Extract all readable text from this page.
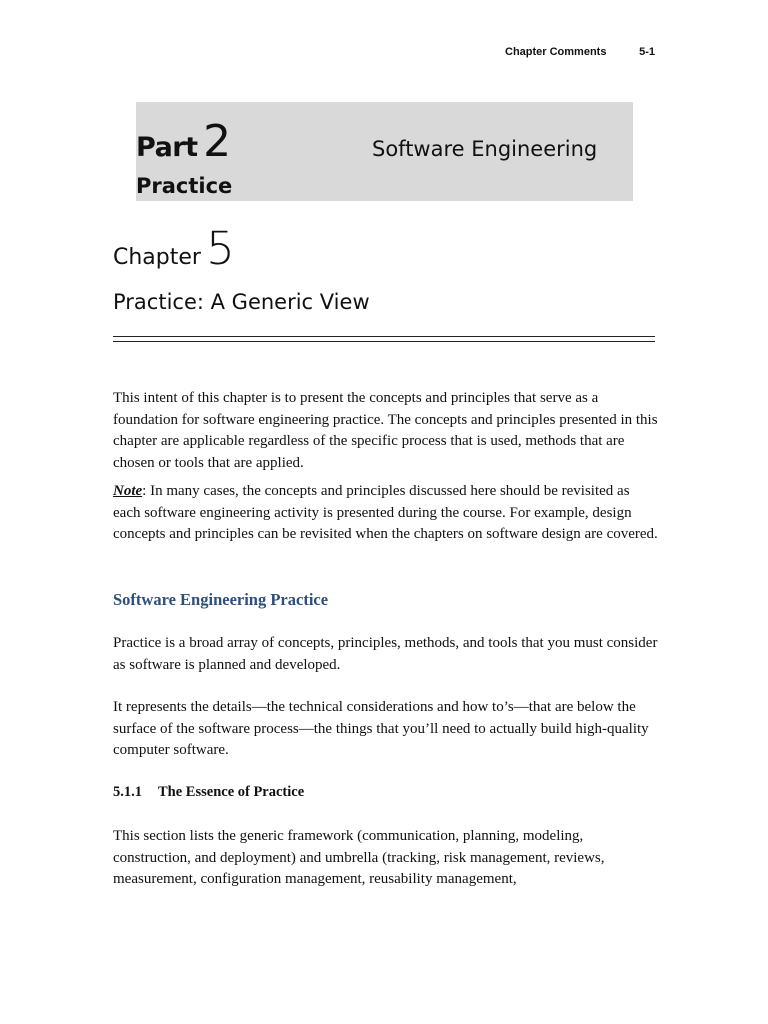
Chapter Comments	5-1
Part 2
Practice
Software Engineering
Chapter 5
Practice: A Generic View

This intent of this chapter is to present the concepts and principles that serve as a foundation for software engineering practice. The concepts and principles presented in this chapter are applicable regardless of the specific process that is used, methods that are chosen or tools that are applied.

Note: In many cases, the concepts and principles discussed here should be revisited as each software engineering activity is presented during the course. For example, design concepts and principles can be revisited when the chapters on software design are covered.

Software Engineering Practice

Practice is a broad array of concepts, principles, methods, and tools that you must consider as software is planned and developed.

It represents the details—the technical considerations and how to’s—that are below the surface of the software process—the things that you’ll need to actually build high-quality computer software.

5.1.1 The Essence of Practice

This section lists the generic framework (communication, planning, modeling, construction, and deployment) and umbrella (tracking, risk management, reviews, measurement, configuration management, reusability management,
